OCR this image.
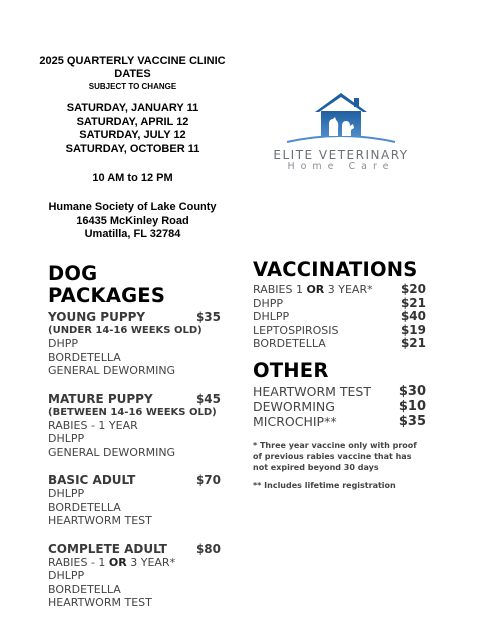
2025 QUARTERLY VACCINE CLINIC DATES
SUBJECT TO CHANGE
SATURDAY, JANUARY 11
SATURDAY, APRIL 12
SATURDAY, JULY 12
SATURDAY, OCTOBER 11
10 AM to 12 PM
Humane Society of Lake County
16435 McKinley Road
Umatilla, FL 32784
ELITE VETERINARY
Home Care
DOG PACKAGES
YOUNG PUPPY	$35
(UNDER 14-16 WEEKS OLD)
DHPP
BORDETELLA
GENERAL DEWORMING
MATURE PUPPY	$45
(BETWEEN 14-16 WEEKS OLD)
RABIES - 1 YEAR
DHLPP
GENERAL DEWORMING
BASIC ADULT	$70
DHLPP
BORDETELLA
HEARTWORM TEST
COMPLETE ADULT $80
RABIES - 1 OR 3 YEAR*
DHLPP
BORDETELLA
HEARTWORM TEST
VACCINATIONS
RABIES 1 OR 3 YEAR* $20
DHPP	$21
DHLPP	$40
LEPTOSPIROSIS	$19
BORDETELLA	$21
OTHER
HEARTWORM TEST $30
DEWORMING	$10
MICROCHIP**	$35
* Three year vaccine only with proof of previous rabies vaccine that has not expired beyond 30 days
** Includes lifetime registration
